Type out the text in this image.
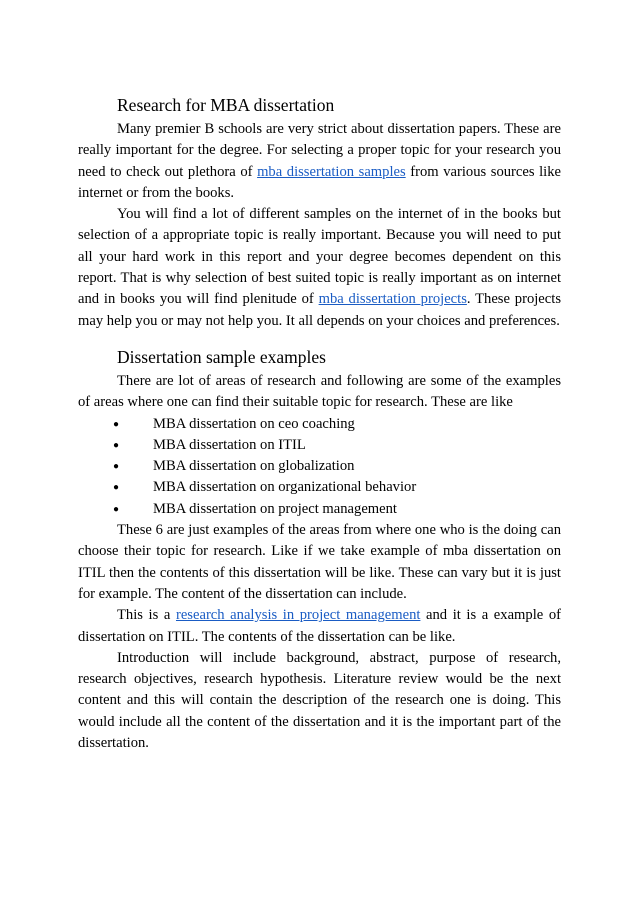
Research for MBA dissertation

Many premier B schools are very strict about dissertation papers. These are really important for the degree. For selecting a proper topic for your research you need to check out plethora of mba dissertation samples from various sources like internet or from the books.

You will find a lot of different samples on the internet of in the books but selection of a appropriate topic is really important. Because you will need to put all your hard work in this report and your degree becomes dependent on this report. That is why selection of best suited topic is really important as on internet and in books you will find plenitude of mba dissertation projects. These projects may help you or may not help you. It all depends on your choices and preferences.

Dissertation sample examples

There are lot of areas of research and following are some of the examples of areas where one can find their suitable topic for research. These are like

● MBA dissertation on ceo coaching
● MBA dissertation on ITIL
● MBA dissertation on globalization
● MBA dissertation on organizational behavior
● MBA dissertation on project management

These 6 are just examples of the areas from where one who is the doing can choose their topic for research. Like if we take example of mba dissertation on ITIL then the contents of this dissertation will be like. These can vary but it is just for example. The content of the dissertation can include.

This is a research analysis in project management and it is a example of dissertation on ITIL. The contents of the dissertation can be like.

Introduction will include background, abstract, purpose of research, research objectives, research hypothesis. Literature review would be the next content and this will contain the description of the research one is doing. This would include all the content of the dissertation and it is the important part of the dissertation.
